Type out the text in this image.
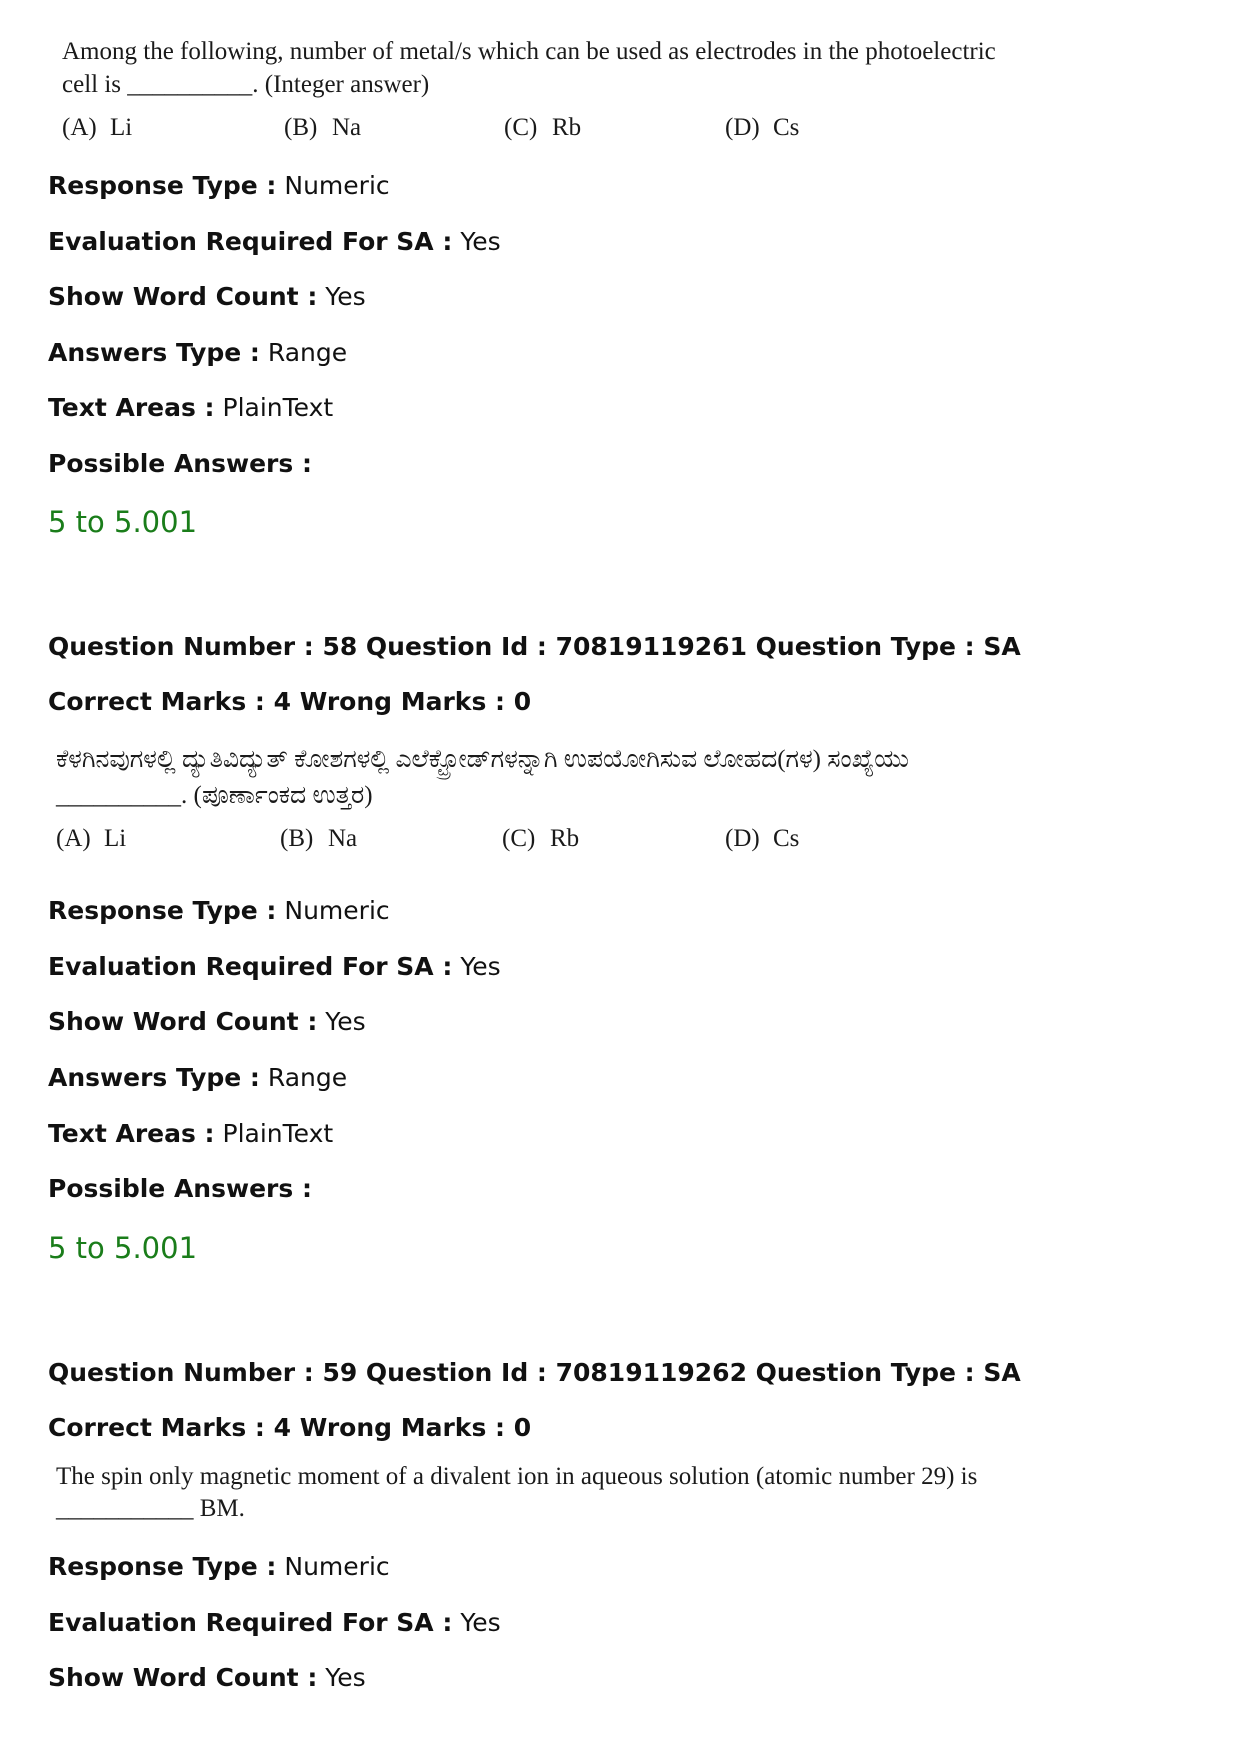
Among the following, number of metal/s which can be used as electrodes in the photoelectric
cell is __________. (Integer answer)
(A) Li	(B) Na	(C) Rb	(D) Cs
Response Type : Numeric
Evaluation Required For SA : Yes
Show Word Count : Yes
Answers Type : Range
Text Areas : PlainText
Possible Answers :
5 to 5.001
Question Number : 58 Question Id : 70819119261 Question Type : SA
Correct Marks : 4 Wrong Marks : 0
ಕೆಳಗಿನವುಗಳಲ್ಲಿ ದ್ಯುತಿವಿದ್ಯುತ್ ಕೋಶಗಳಲ್ಲಿ ಎಲೆಕ್ಟ್ರೋಡ್‌ಗಳನ್ನಾಗಿ ಉಪಯೋಗಿಸುವ ಲೋಹದ(ಗಳ) ಸಂಖ್ಯೆಯು
__________. (ಪೂರ್ಣಾಂಕದ ಉತ್ತರ)
(A) Li	(B) Na	(C) Rb	(D) Cs
Response Type : Numeric
Evaluation Required For SA : Yes
Show Word Count : Yes
Answers Type : Range
Text Areas : PlainText
Possible Answers :
5 to 5.001
Question Number : 59 Question Id : 70819119262 Question Type : SA
Correct Marks : 4 Wrong Marks : 0
The spin only magnetic moment of a divalent ion in aqueous solution (atomic number 29) is
___________ BM.
Response Type : Numeric
Evaluation Required For SA : Yes
Show Word Count : Yes
